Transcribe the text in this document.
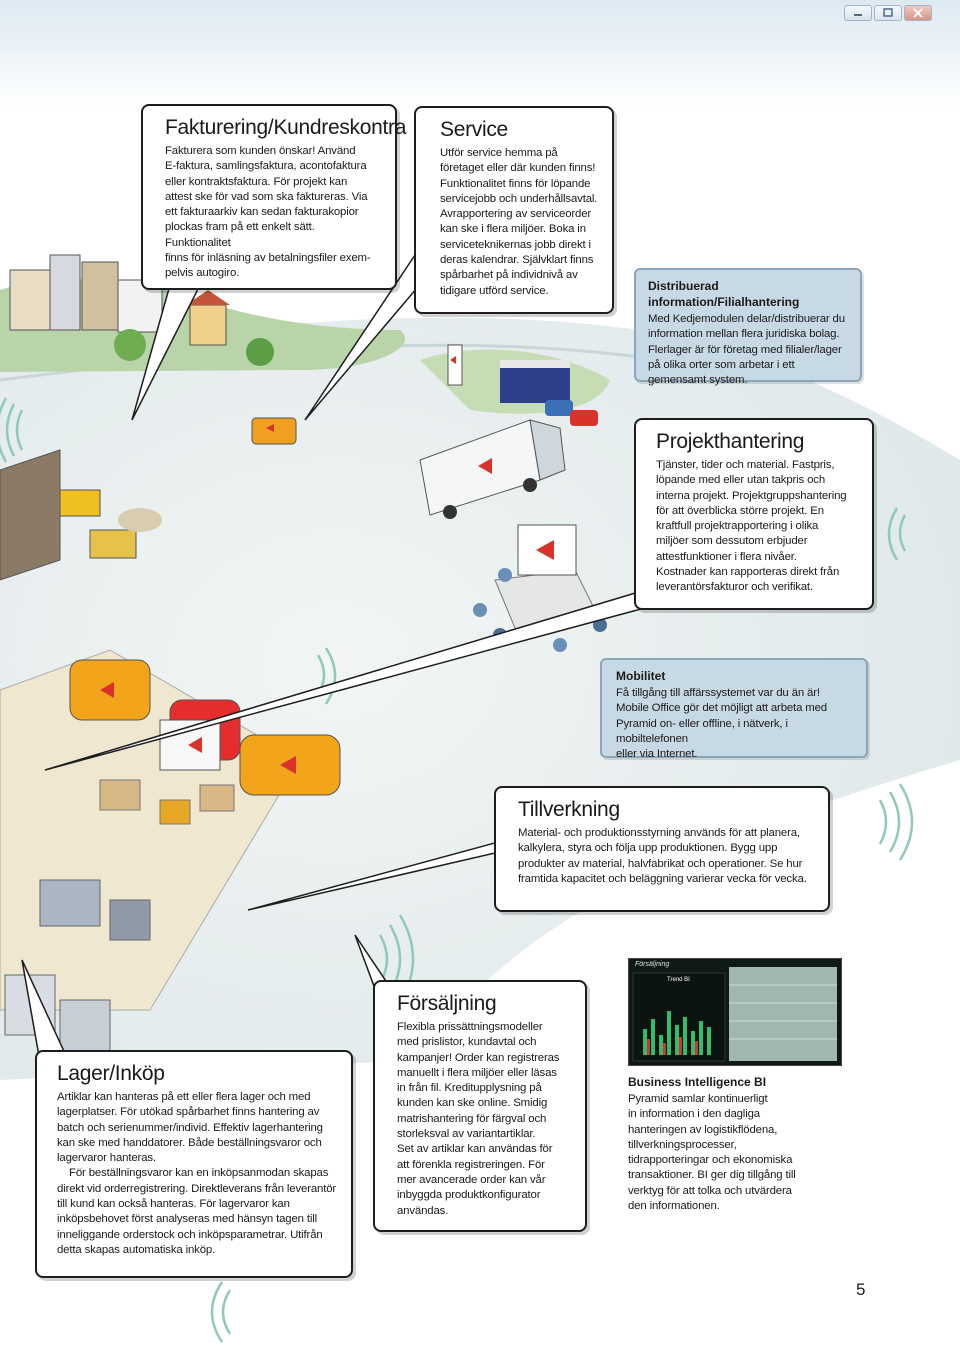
Fakturering/Kundreskontra

Fakturera som kunden önskar! Använd

E-faktura, samlingsfaktura, acontofaktura

eller kontraktsfaktura. För projekt kan

attest ske för vad som ska faktureras. Via

ett fakturaarkiv kan sedan fakturakopior

plockas fram på ett enkelt sätt. Funktionalitet

finns för inläsning av betalningsfiler exem-

pelvis autogiro.

Service

Utför service hemma på

företaget eller där kunden finns!

Funktionalitet finns för löpande

servicejobb och underhållsavtal.

Avrapportering av serviceorder

kan ske i flera miljöer. Boka in

serviceteknikernas jobb direkt i

deras kalendrar. Självklart finns

spårbarhet på individnivå av

tidigare utförd service.	Distribuerad information/Filialhantering

Med Kedjemodulen delar/distribuerar du

information mellan flera juridiska bolag.

Flerlager är för företag med filialer/lager

på olika orter som arbetar i ett

gemensamt system.

Projekthantering

Tjänster, tider och material. Fastpris,

löpande med eller utan takpris och

interna projekt. Projektgruppshantering

för att överblicka större projekt. En

kraftfull projektrapportering i olika

miljöer som dessutom erbjuder

attestfunktioner i flera nivåer.

Kostnader kan rapporteras direkt från

leverantörsfakturor och verifikat.

Mobilitet

Få tillgång till affärssystemet var du än är!

Mobile Office gör det möjligt att arbeta med

Pyramid on- eller offline, i nätverk, i mobiltelefonen

eller via Internet.

Tillverkning

Material- och produktionsstyrning används för att planera,

kalkylera, styra och följa upp produktionen. Bygg upp

produkter av material, halvfabrikat och operationer. Se hur

framtida kapacitet och beläggning varierar vecka för vecka.

Försäljning
Trend BI
Försäljning

Flexibla prissättningsmodeller

med prislistor, kundavtal och

kampanjer! Order kan registreras

manuellt i flera miljöer eller läsas

in från fil. Kreditupplysning på

kunden kan ske online. Smidig

matrishantering för färgval och

storleksval av variantartiklar.

Set av artiklar kan användas för

att förenkla registreringen. För

mer avancerade order kan vår

inbyggda produktkonfigurator

användas.

Lager/Inköp

Artiklar kan hanteras på ett eller flera lager och med

lagerplatser. För utökad spårbarhet finns hantering av

batch och serienummer/individ. Effektiv lagerhantering

kan ske med handdatorer. Både beställningsvaror och

lagervaror hanteras.

För beställningsvaror kan en inköpsanmodan skapas

direkt vid orderregistrering. Direktleverans från leverantör

till kund kan också hanteras. För lagervaror kan

inköpsbehovet först analyseras med hänsyn tagen till

inneliggande orderstock och inköpsparametrar. Utifrån

detta skapas automatiska inköp.

Business Intelligence BI

Pyramid samlar kontinuerligt

in information i den dagliga

hanteringen av logistikflödena,

tillverkningsprocesser,

tidrapporteringar och ekonomiska

transaktioner. BI ger dig tillgång till

verktyg för att tolka och utvärdera

den informationen.

5
